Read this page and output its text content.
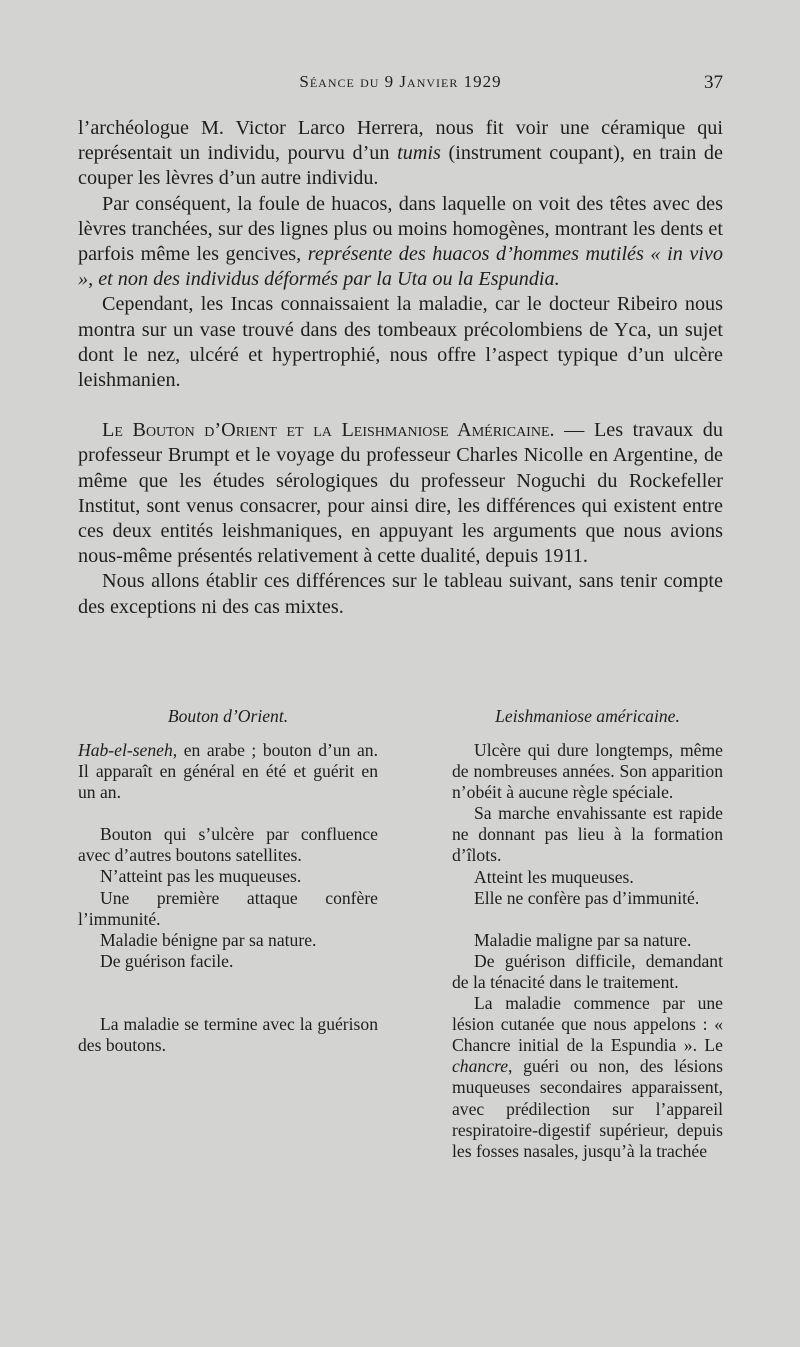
Séance du 9 Janvier 1929	37

l’archéologue M. Victor Larco Herrera, nous fit voir une céramique qui représentait un individu, pourvu d’un tumis (instrument coupant), en train de couper les lèvres d’un autre individu.

Par conséquent, la foule de huacos, dans laquelle on voit des têtes avec des lèvres tranchées, sur des lignes plus ou moins homogènes, montrant les dents et parfois même les gencives, représente des huacos d’hommes mutilés « in vivo », et non des individus déformés par la Uta ou la Espundia.

Cependant, les Incas connaissaient la maladie, car le docteur Ribeiro nous montra sur un vase trouvé dans des tombeaux précolombiens de Yca, un sujet dont le nez, ulcéré et hypertrophié, nous offre l’aspect typique d’un ulcère leishmanien.

Le Bouton d’Orient et la Leishmaniose Américaine. — Les travaux du professeur Brumpt et le voyage du professeur Charles Nicolle en Argentine, de même que les études sérologiques du professeur Noguchi du Rockefeller Institut, sont venus consacrer, pour ainsi dire, les différences qui existent entre ces deux entités leishmaniques, en appuyant les arguments que nous avions nous-même présentés relativement à cette dualité, depuis 1911.

Nous allons établir ces différences sur le tableau suivant, sans tenir compte des exceptions ni des cas mixtes.

Bouton d’Orient.

Hab-el-seneh, en arabe ; bouton d’un an. Il apparaît en général en été et guérit en un an.

Bouton qui s’ulcère par confluence avec d’autres boutons satellites.

N’atteint pas les muqueuses.

Une première attaque confère l’immunité.

Maladie bénigne par sa nature.

De guérison facile.

La maladie se termine avec la guérison des boutons.

Leishmaniose américaine.

Ulcère qui dure longtemps, même de nombreuses années. Son apparition n’obéit à aucune règle spéciale.

Sa marche envahissante est rapide ne donnant pas lieu à la formation d’îlots.

Atteint les muqueuses.

Elle ne confère pas d’immunité.

Maladie maligne par sa nature.

De guérison difficile, demandant de la ténacité dans le traitement.

La maladie commence par une lésion cutanée que nous appelons : « Chancre initial de la Espundia ». Le chancre, guéri ou non, des lésions muqueuses secondaires apparaissent, avec prédilection sur l’appareil respiratoire-digestif supérieur, depuis les fosses nasales, jusqu’à la trachée
